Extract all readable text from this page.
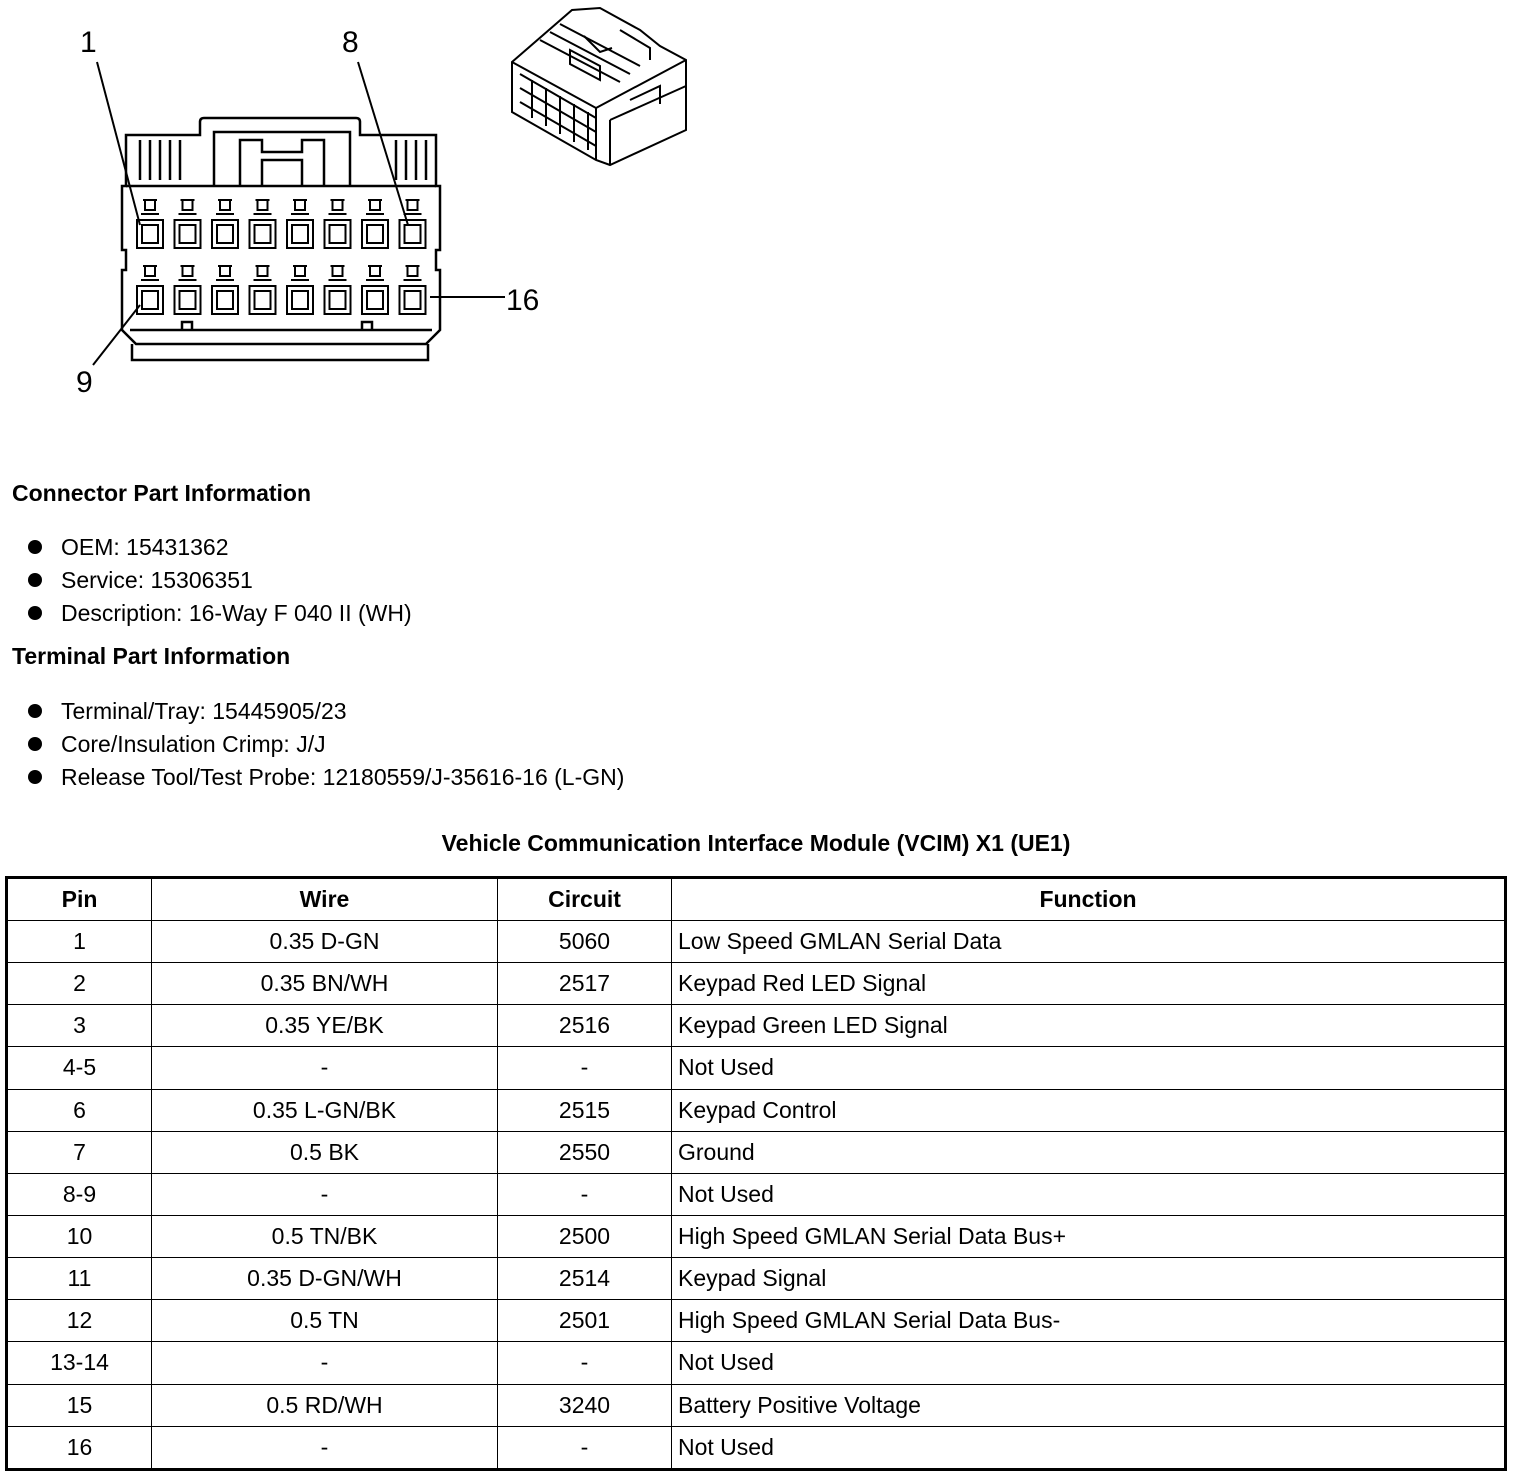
1	8
9
16
Connector Part Information
OEM: 15431362
Service: 15306351
Description: 16-Way F 040 II (WH)
Terminal Part Information
Terminal/Tray: 15445905/23
Core/Insulation Crimp: J/J
Release Tool/Test Probe: 12180559/J-35616-16 (L-GN)
Vehicle Communication Interface Module (VCIM) X1 (UE1)
Pin	Wire	Circuit	Function
1	0.35 D-GN	5060	Low Speed GMLAN Serial Data
2	0.35 BN/WH	2517	Keypad Red LED Signal
3	0.35 YE/BK	2516	Keypad Green LED Signal
4-5	-	-	Not Used
6	0.35 L-GN/BK	2515	Keypad Control
7	0.5 BK	2550	Ground
8-9	-	-	Not Used
10	0.5 TN/BK	2500	High Speed GMLAN Serial Data Bus+
11	0.35 D-GN/WH	2514	Keypad Signal
12	0.5 TN	2501	High Speed GMLAN Serial Data Bus-
13-14	-	-	Not Used
15	0.5 RD/WH	3240	Battery Positive Voltage
16	-	-	Not Used
